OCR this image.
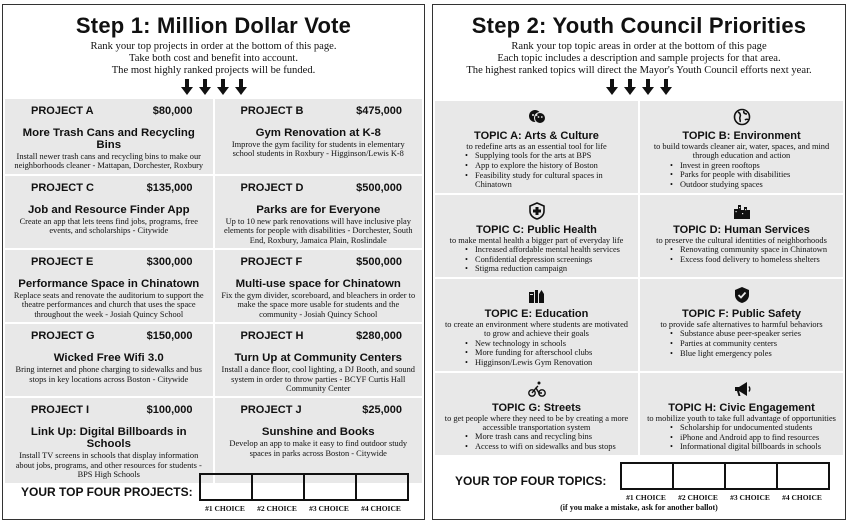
Step 1: Million Dollar Vote
Rank your top projects in order at the bottom of this page.
Take both cost and benefit into account.
The most highly ranked projects will be funded.
PROJECT A	$80,000
More Trash Cans and Recycling Bins
Install newer trash cans and recycling bins to make our neighborhoods cleaner - Mattapan, Dorchester, Roxbury
PROJECT B	$475,000
Gym Renovation at K-8
Improve the gym facility for students in elementary school students in Roxbury - Higginson/Lewis K-8
PROJECT C	$135,000
Job and Resource Finder App
Create an app that lets teens find jobs, programs, free events, and scholarships - Citywide
PROJECT D	$500,000
Parks are for Everyone
Up to 10 new park renovations will have inclusive play elements for people with disabilities - Dorchester, South End, Roxbury, Jamaica Plain, Roslindale
PROJECT E	$300,000
Performance Space in Chinatown
Replace seats and renovate the auditorium to support the theatre performances and church that uses the space throughout the week - Josiah Quincy School
PROJECT F	$500,000
Multi-use space for Chinatown
Fix the gym divider, scoreboard, and bleachers in order to make the space more usable for students and the community - Josiah Quincy School
PROJECT G	$150,000
Wicked Free Wifi 3.0
Bring internet and phone charging to sidewalks and bus stops in key locations across Boston - Citywide
PROJECT H	$280,000
Turn Up at Community Centers
Install a dance floor, cool lighting, a DJ Booth, and sound system in order to throw parties - BCYF Curtis Hall Community Center
PROJECT I	$100,000
Link Up: Digital Billboards in Schools
Install TV screens in schools that display information about jobs, programs, and other resources for students - BPS High Schools
PROJECT J	$25,000
Sunshine and Books
Develop an app to make it easy to find outdoor study spaces in parks across Boston - Citywide
YOUR TOP FOUR PROJECTS:
#1 CHOICE	#2 CHOICE	#3 CHOICE	#4 CHOICE
Step 2: Youth Council Priorities
Rank your top topic areas in order at the bottom of this page
Each topic includes a description and sample projects for that area.
The highest ranked topics will direct the Mayor's Youth Council efforts next year.
TOPIC A: Arts & Culture
to redefine arts as an essential tool for life
• Supplying tools for the arts at BPS
• App to explore the history of Boston
• Feasibility study for cultural spaces in Chinatown
TOPIC B: Environment
to build towards cleaner air, water, spaces, and mind through education and action
• Invest in green rooftops
• Parks for people with disabilities
• Outdoor studying spaces
TOPIC C: Public Health
to make mental health a bigger part of everyday life
• Increased affordable mental health services
• Confidential depression screenings
• Stigma reduction campaign
TOPIC D: Human Services
to preserve the cultural identities of neighborhoods
• Renovating community space in Chinatown
• Excess food delivery to homeless shelters
TOPIC E: Education
to create an environment where students are motivated to grow and achieve their goals
• New technology in schools
• More funding for afterschool clubs
• Higginson/Lewis Gym Renovation
TOPIC F: Public Safety
to provide safe alternatives to harmful behaviors
• Substance abuse peer-speaker series
• Parties at community centers
• Blue light emergency poles
TOPIC G: Streets
to get people where they need to be by creating a more accessible transportation system
• More trash cans and recycling bins
• Access to wifi on sidewalks and bus stops
TOPIC H: Civic Engagement
to mobilize youth to take full advantage of opportunities
• Scholarship for undocumented students
• iPhone and Android app to find resources
• Informational digital billboards in schools
YOUR TOP FOUR TOPICS:
#1 CHOICE	#2 CHOICE	#3 CHOICE	#4 CHOICE
(if you make a mistake, ask for another ballot)
